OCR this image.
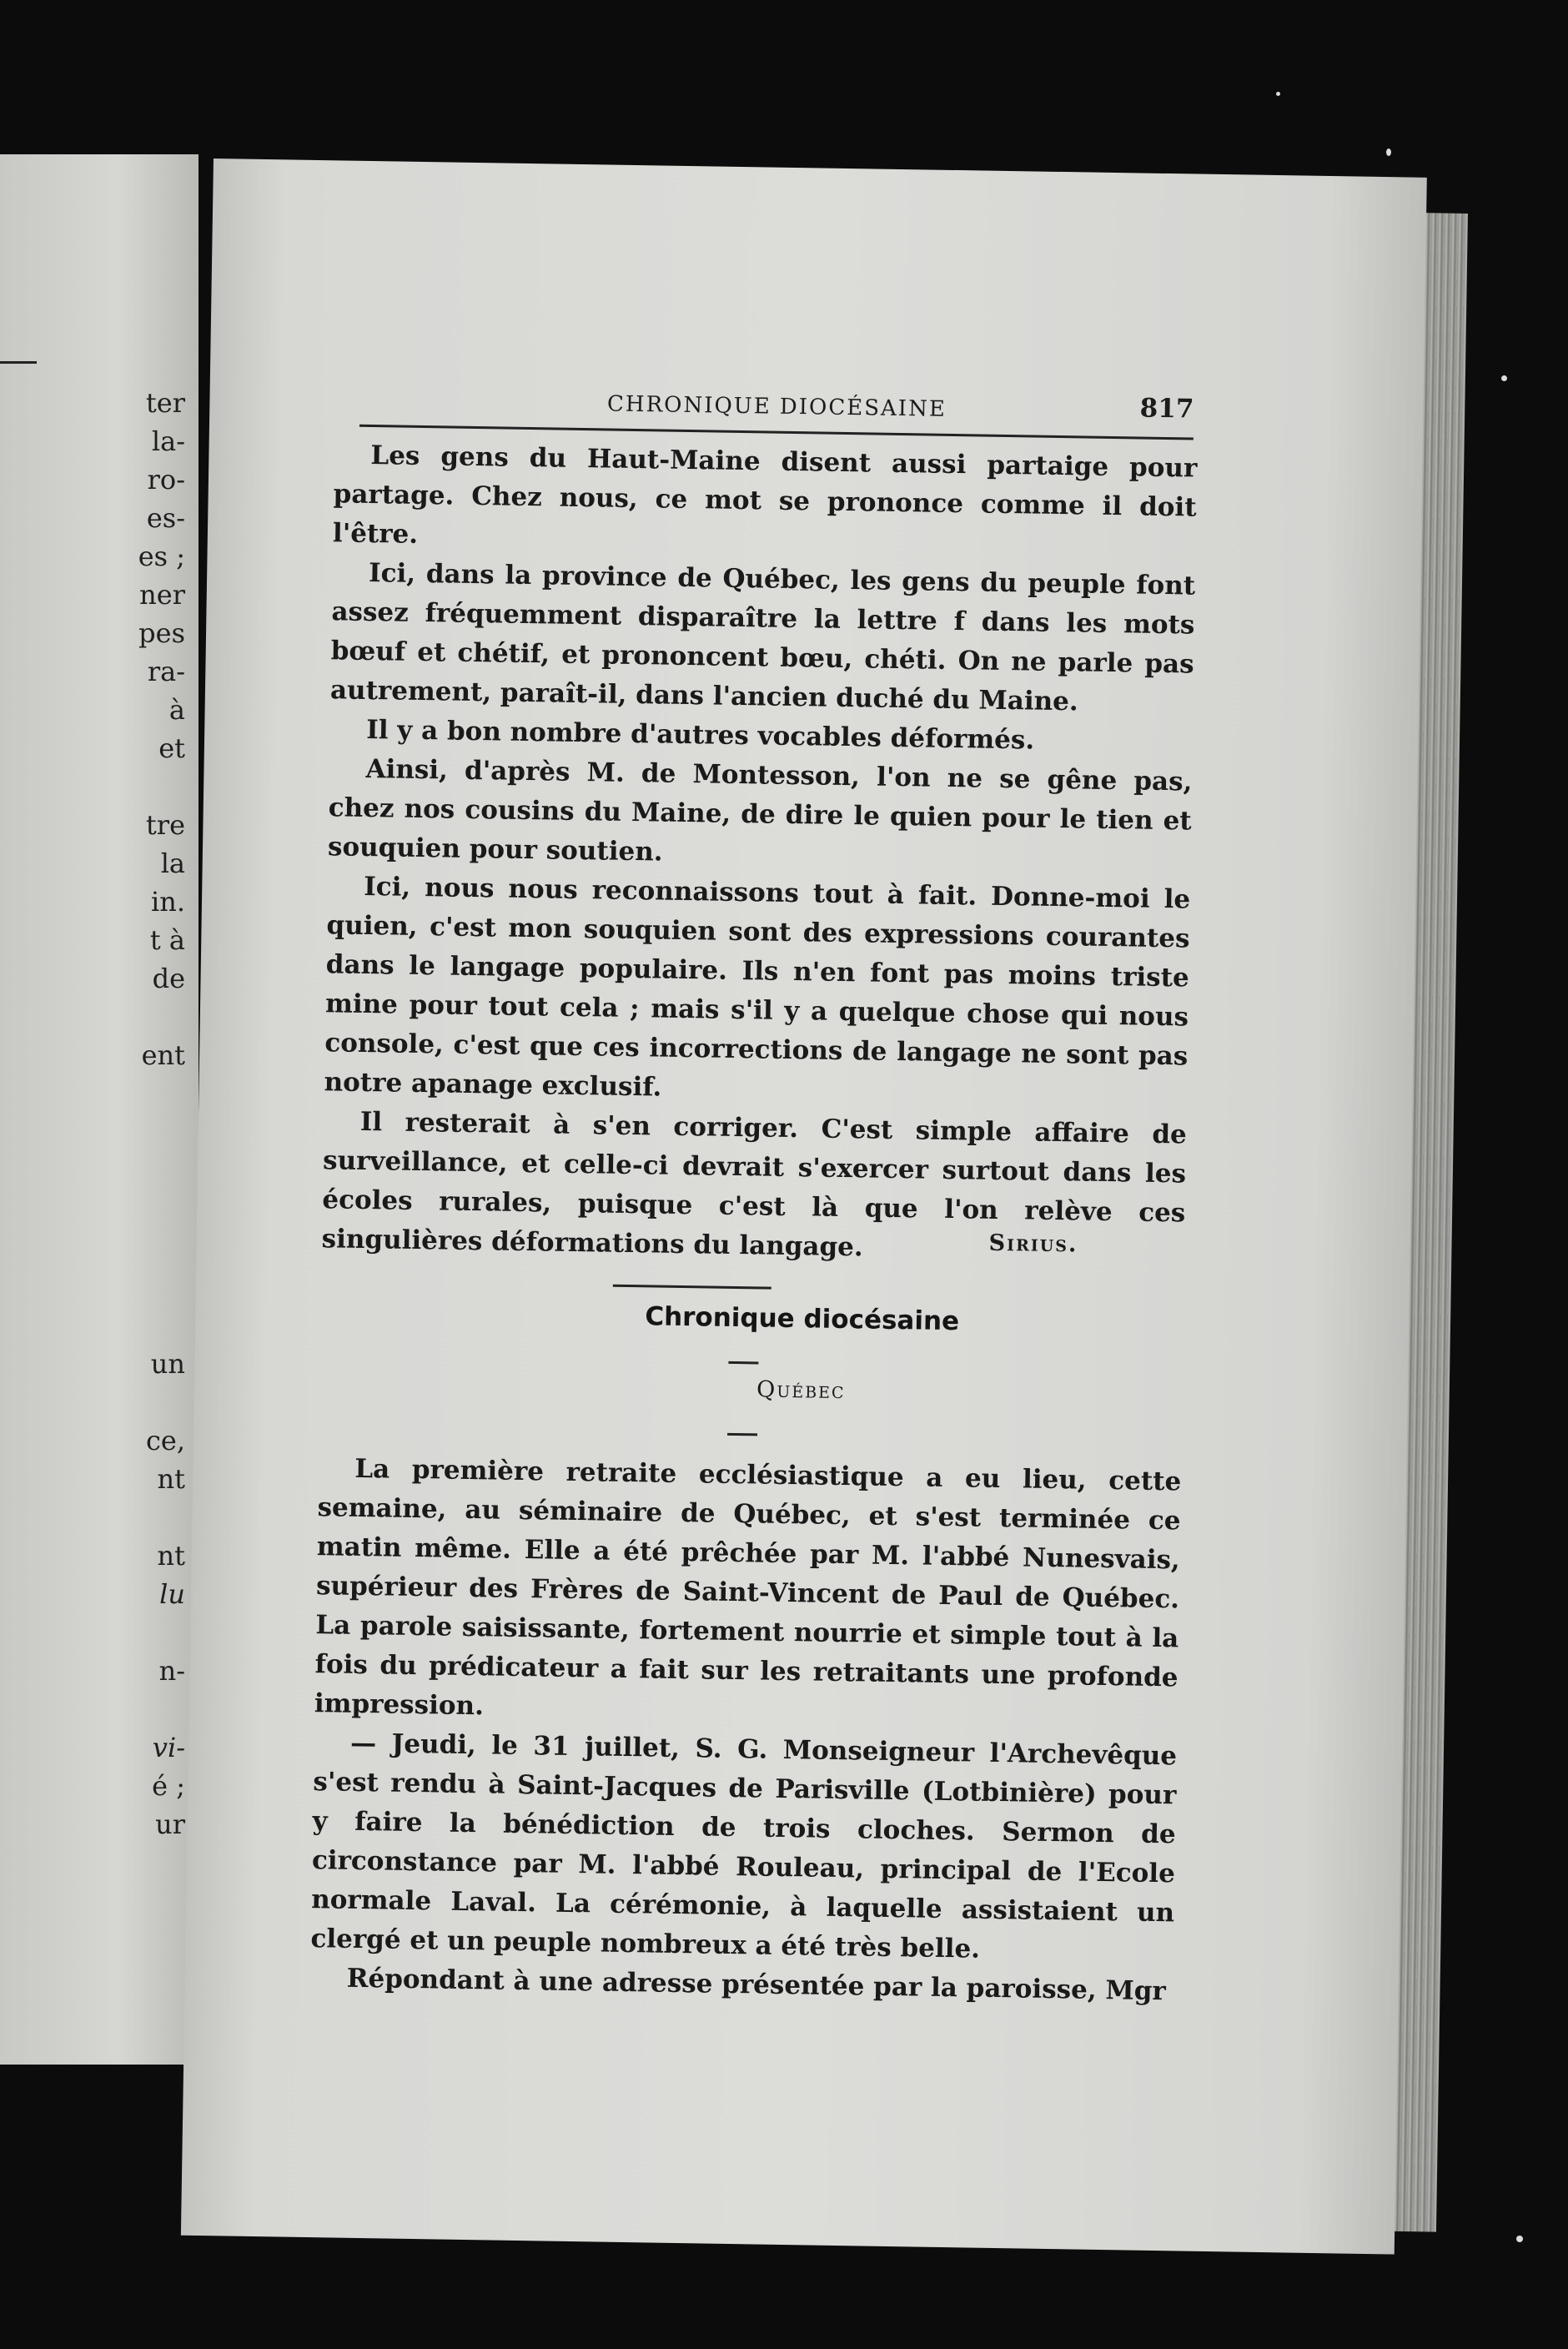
ter
la-
ro-
es-
es ;
ner
pes
ra-
à
et
tre
la
in.
t à
de
ent
un
ce,
nt
nt
lu
n-
vi-
é ;
ur
CHRONIQUE DIOCÉSAINE	817

Les gens du Haut-Maine disent aussi partaige pour partage. Chez nous, ce mot se prononce comme il doit l'être.

Ici, dans la province de Québec, les gens du peuple font assez fréquemment disparaître la lettre f dans les mots bœuf et chétif, et prononcent bœu, chéti. On ne parle pas autrement, paraît-il, dans l'ancien duché du Maine.

Il y a bon nombre d'autres vocables déformés.

Ainsi, d'après M. de Montesson, l'on ne se gêne pas, chez nos cousins du Maine, de dire le quien pour le tien et souquien pour soutien.

Ici, nous nous reconnaissons tout à fait. Donne-moi le quien, c'est mon souquien sont des expressions courantes dans le langage populaire. Ils n'en font pas moins triste mine pour tout cela ; mais s'il y a quelque chose qui nous console, c'est que ces incorrections de langage ne sont pas notre apanage exclusif.

Il resterait à s'en corriger. C'est simple affaire de surveillance, et celle-ci devrait s'exercer surtout dans les écoles rurales, puisque c'est là que l'on relève ces singulières déformations du langage.	Sirius.
Chronique diocésaine
Québec

La première retraite ecclésiastique a eu lieu, cette semaine, au séminaire de Québec, et s'est terminée ce matin même. Elle a été prêchée par M. l'abbé Nunesvais, supérieur des Frères de Saint-Vincent de Paul de Québec. La parole saisissante, fortement nourrie et simple tout à la fois du prédicateur a fait sur les retraitants une profonde impression.

— Jeudi, le 31 juillet, S. G. Monseigneur l'Archevêque s'est rendu à Saint-Jacques de Parisville (Lotbinière) pour y faire la bénédiction de trois cloches. Sermon de circonstance par M. l'abbé Rouleau, principal de l'Ecole normale Laval. La cérémonie, à laquelle assistaient un clergé et un peuple nombreux a été très belle.

Répondant à une adresse présentée par la paroisse, Mgr
